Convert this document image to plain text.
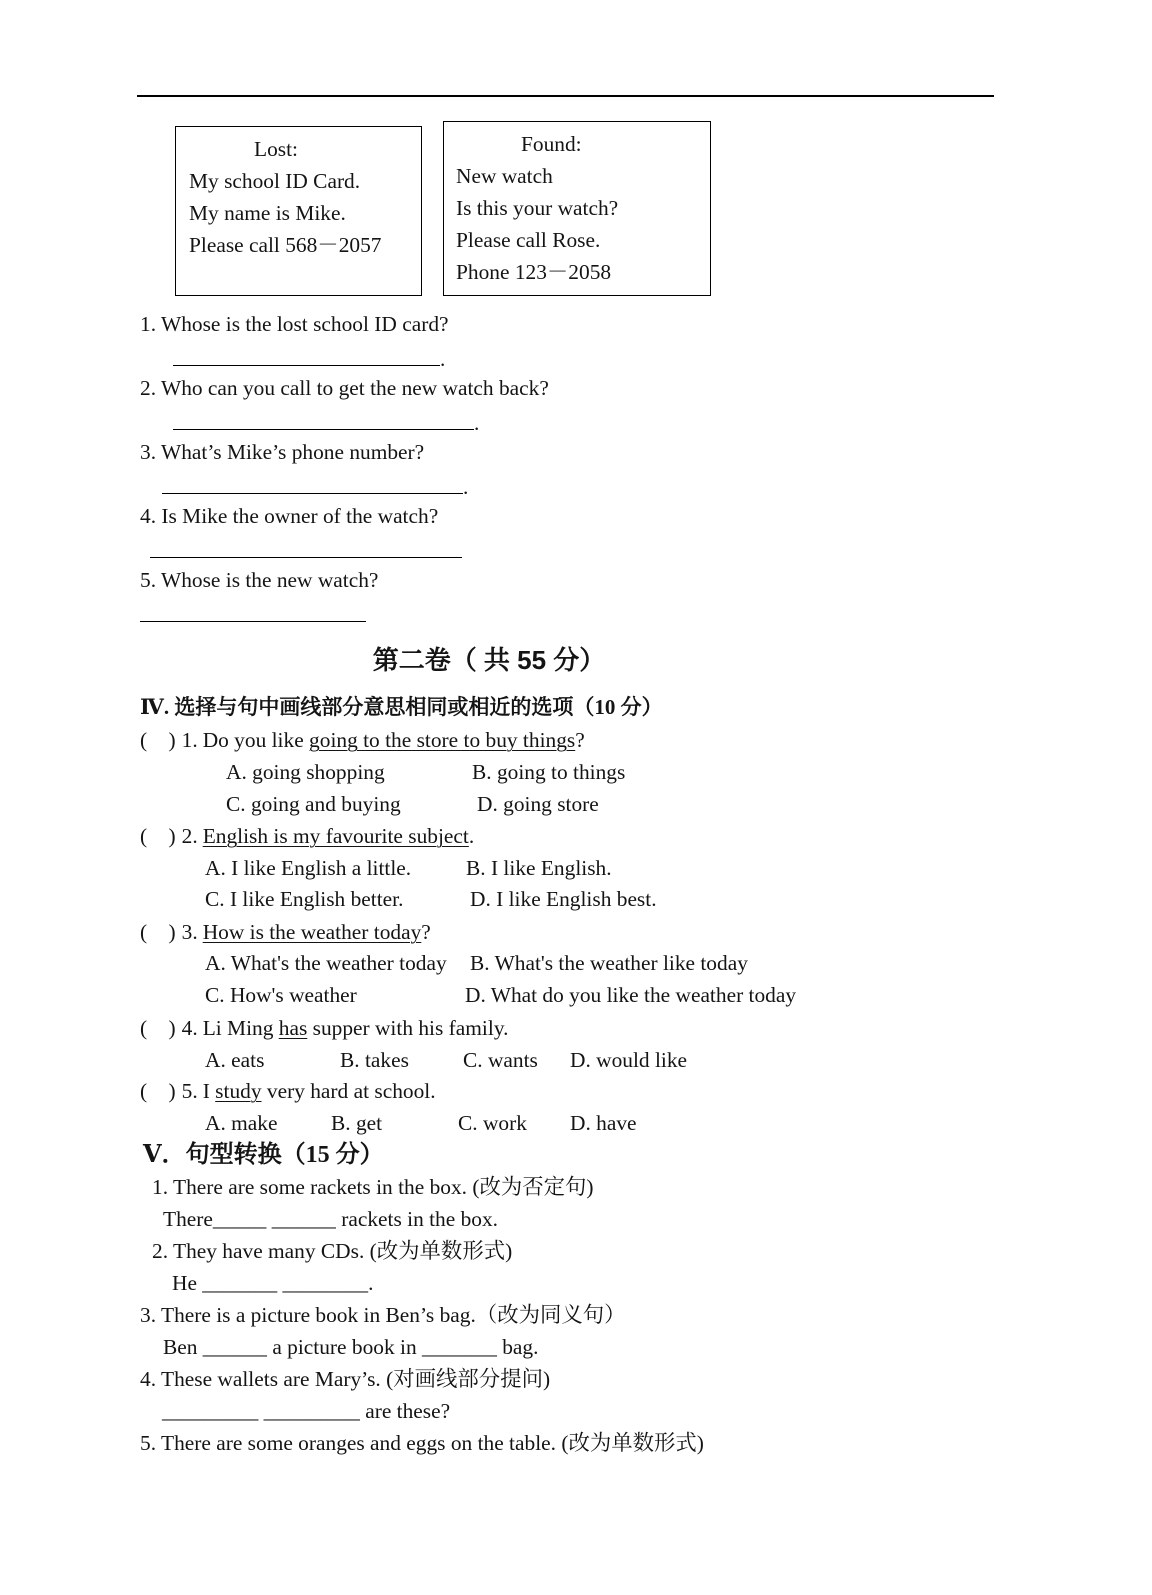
Lost:
My school ID Card.
My name is Mike.
Please call 568－2057
Found:
New watch
Is this your watch?
Please call Rose.
Phone 123－2058
1. Whose is the lost school ID card?
.
2. Who can you call to get the new watch back?
.
3. What’s Mike’s phone number?
.
4. Is Mike the owner of the watch?
5. Whose is the new watch?
第二卷（ 共 55 分）
Ⅳ. 选择与句中画线部分意思相同或相近的选项（10 分）
(    ) 1. Do you like going to the store to buy things?
A. going shopping	B. going to things
C. going and buying	D. going store
(    ) 2. English is my favourite subject.
A. I like English a little.	B. I like English.
C. I like English better.	D. I like English best.
(    ) 3. How is the weather today?
A. What's the weather today B. What's the weather like today
C. How's weather	D. What do you like the weather today
(    ) 4. Li Ming has supper with his family.
A. eats	B. takes	C. wants D. would like
(    ) 5. I study very hard at school.
A. make	B. get	C. work D. have
Ⅴ．句型转换（15 分）
1. There are some rackets in the box. (改为否定句)
There_____ ______ rackets in the box.
2. They have many CDs. (改为单数形式)
He _______ ________.
3. There is a picture book in Ben’s bag.（改为同义句）
Ben ______ a picture book in _______ bag.
4. These wallets are Mary’s. (对画线部分提问)
_________ _________ are these?
5. There are some oranges and eggs on the table. (改为单数形式)
